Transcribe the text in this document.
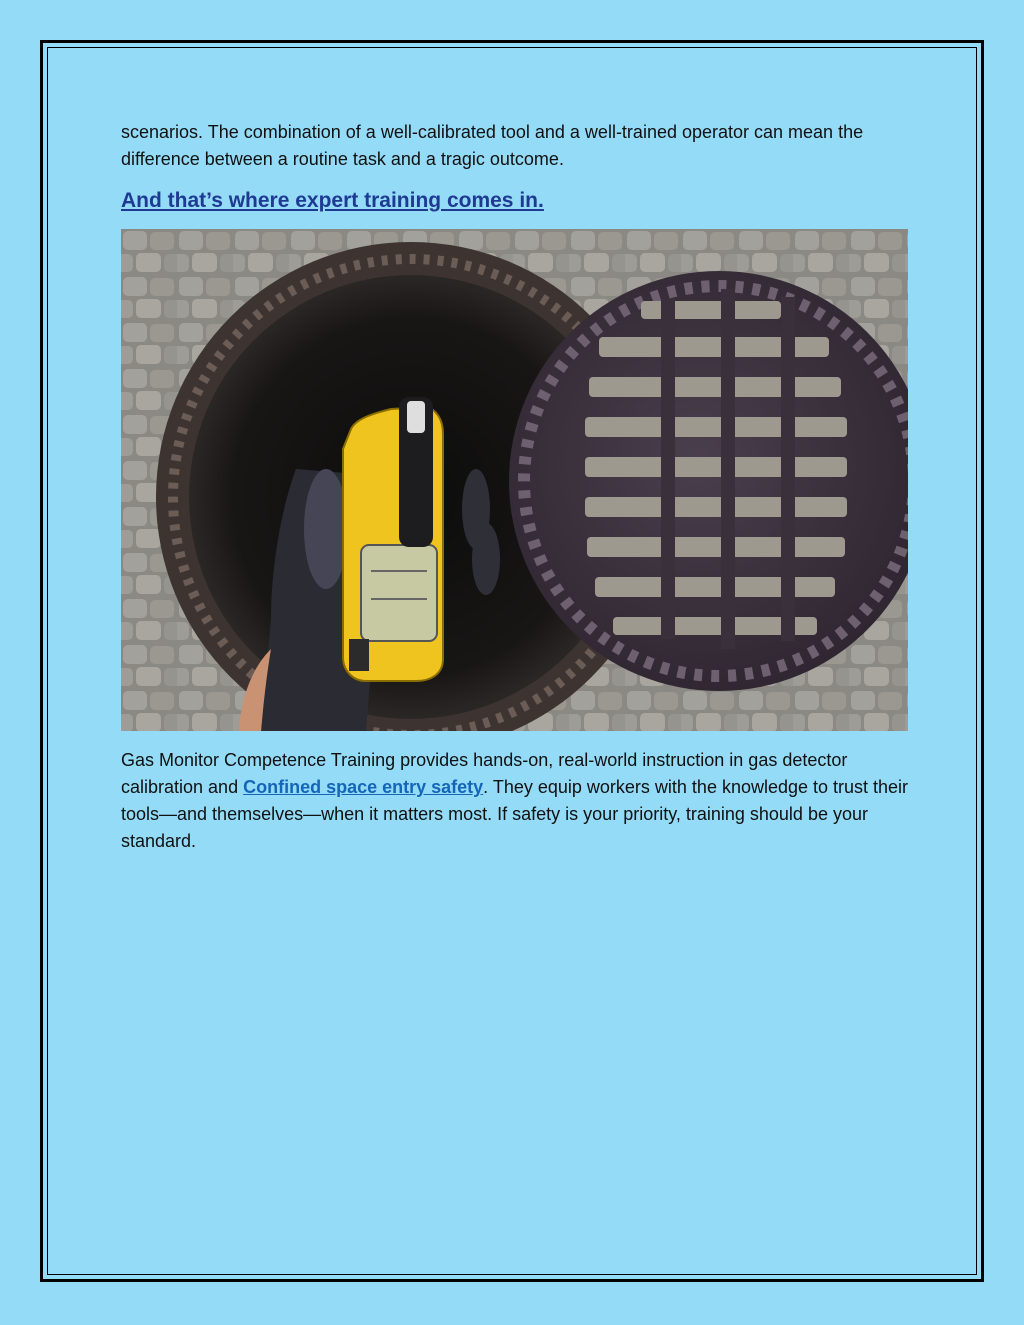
scenarios. The combination of a well-calibrated tool and a well-trained operator can mean the difference between a routine task and a tragic outcome.

And that’s where expert training comes in.

Gas Monitor Competence Training provides hands-on, real-world instruction in gas detector calibration and Confined space entry safety. They equip workers with the knowledge to trust their tools—and themselves—when it matters most. If safety is your priority, training should be your standard.
